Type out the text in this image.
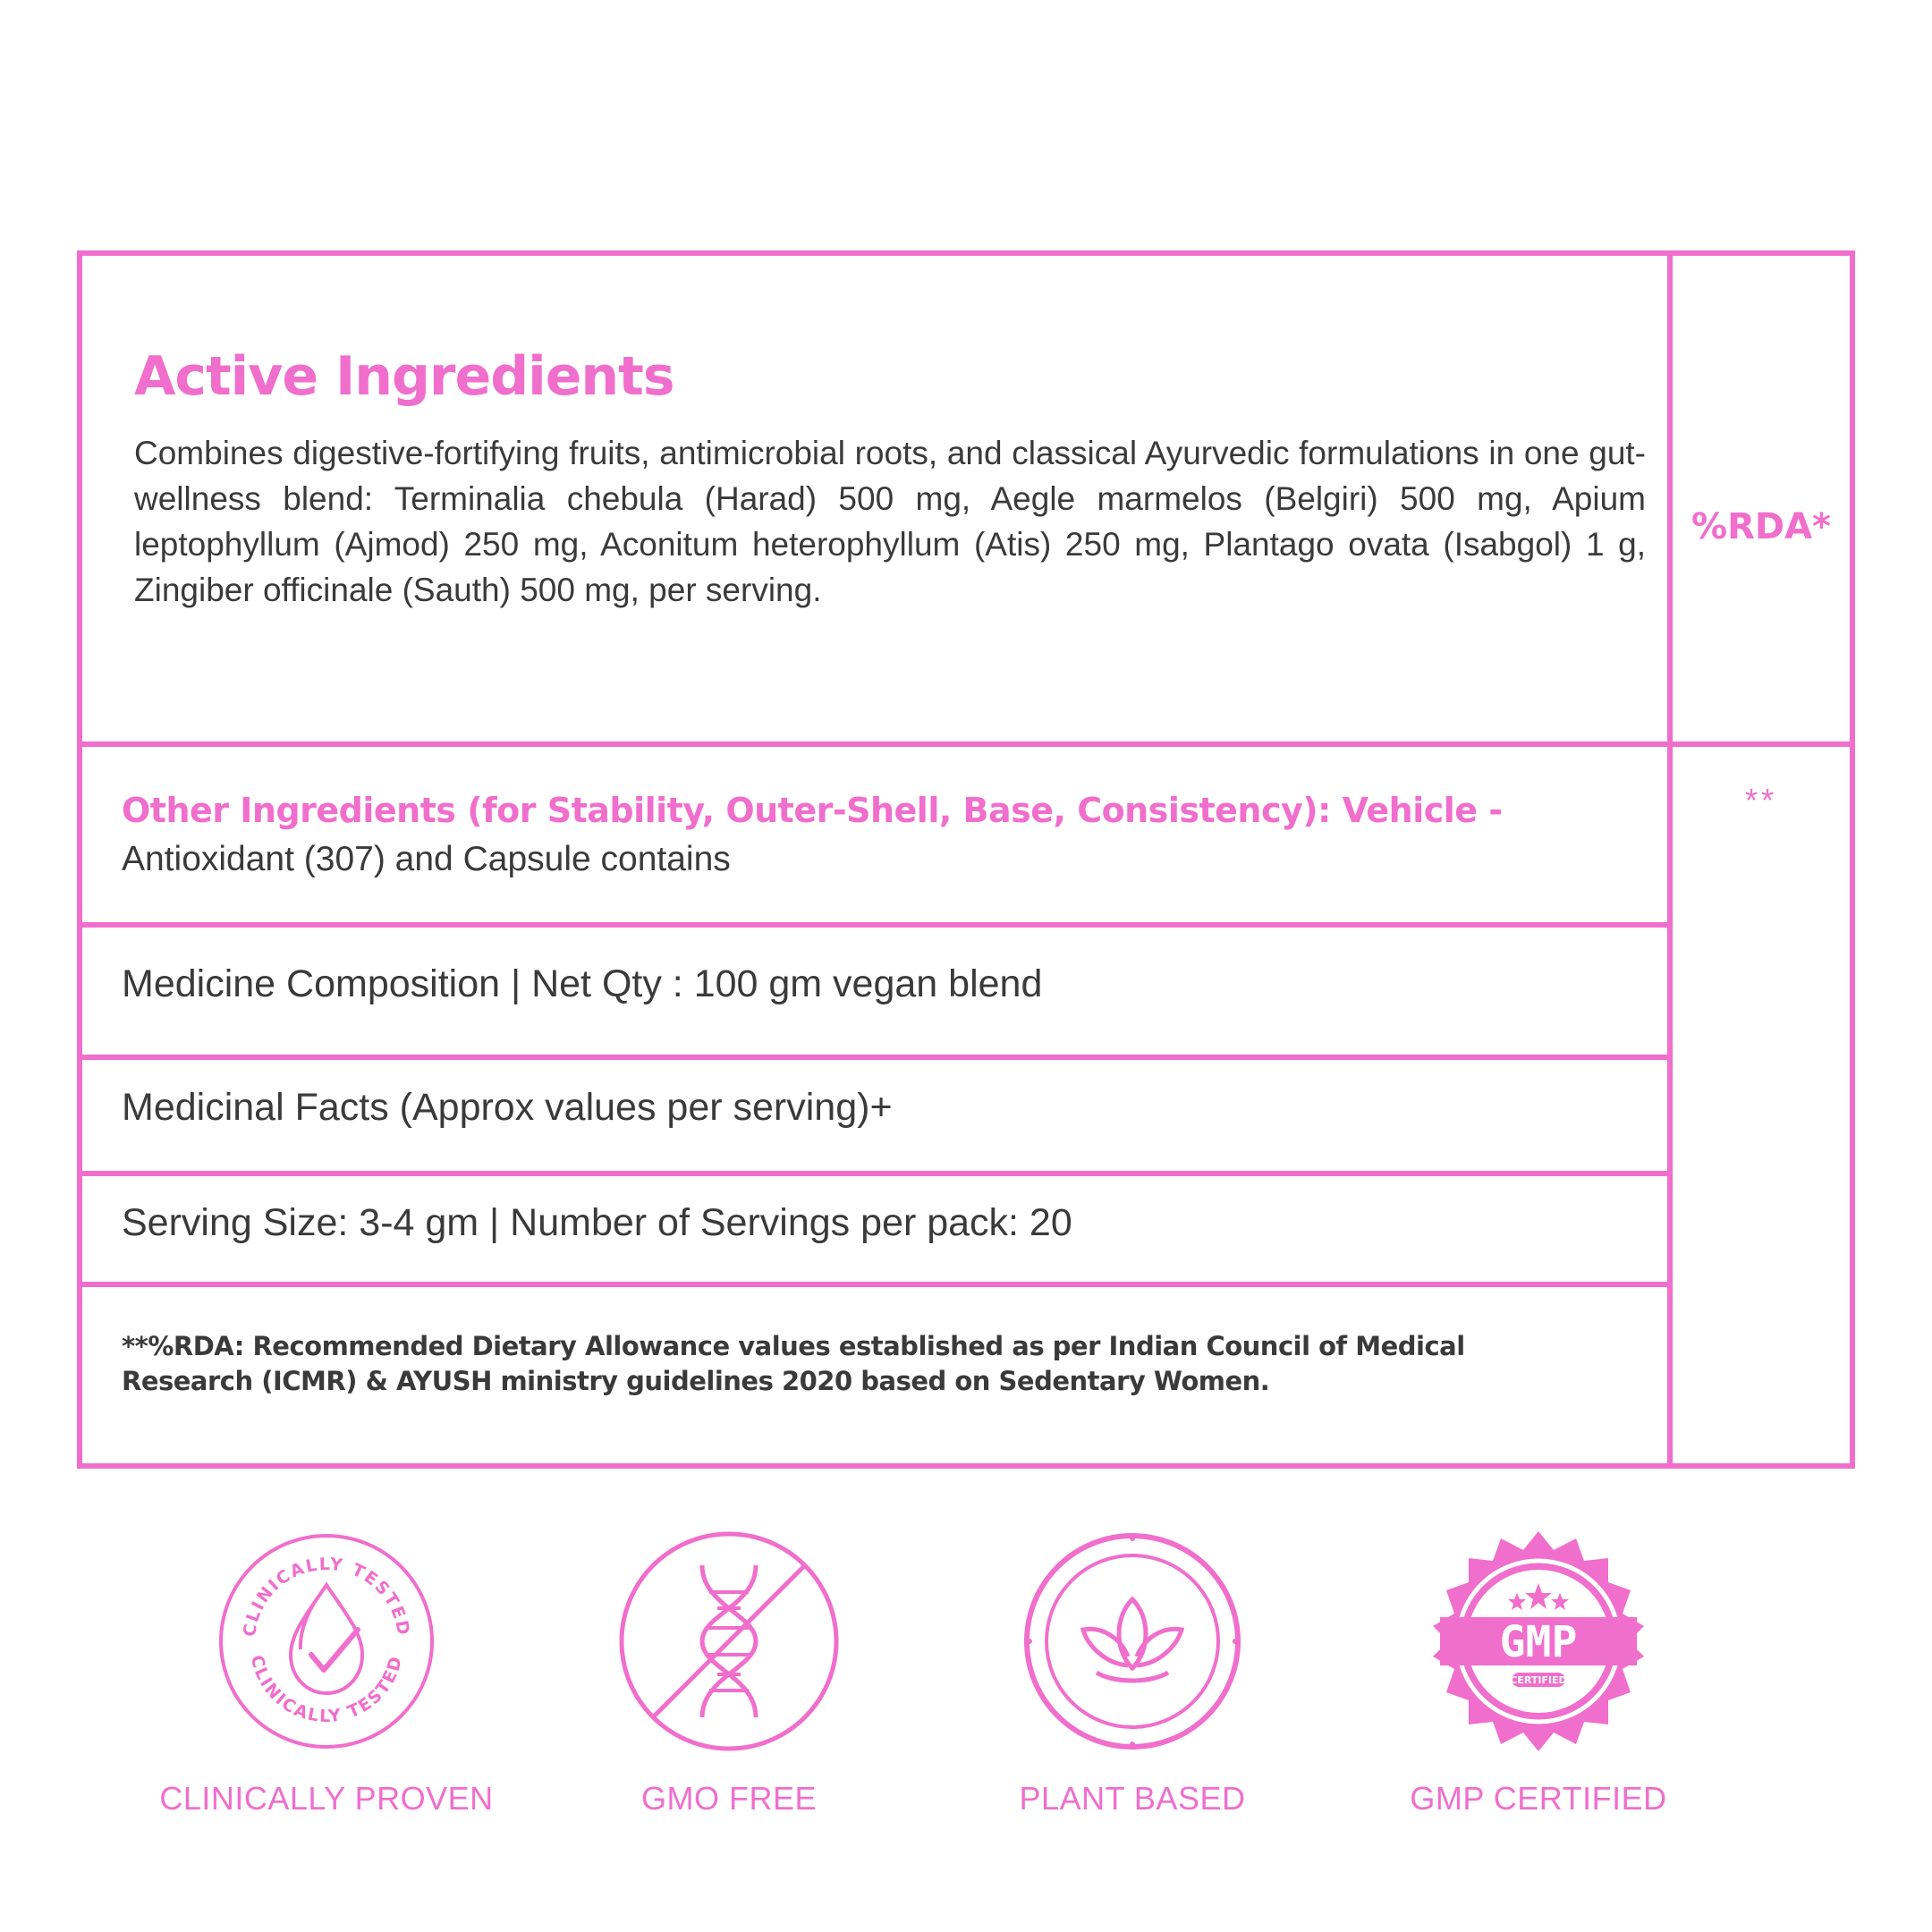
Active Ingredients
Combines digestive-fortifying fruits, antimicrobial roots, and classical Ayurvedic formulations in one gut-wellness blend: Terminalia chebula (Harad) 500 mg, Aegle marmelos (Belgiri) 500 mg, Apium leptophyllum (Ajmod) 250 mg, Aconitum heterophyllum (Atis) 250 mg, Plantago ovata (Isabgol) 1 g, Zingiber officinale (Sauth) 500 mg, per serving.
%RDA*
**
Other Ingredients (for Stability, Outer-Shell, Base, Consistency): Vehicle -
Antioxidant (307) and Capsule contains
Medicine Composition | Net Qty : 100 gm vegan blend
Medicinal Facts (Approx values per serving)+
Serving Size: 3-4 gm | Number of Servings per pack: 20
**%RDA: Recommended Dietary Allowance values established as per Indian Council of Medical Research (ICMR) & AYUSH ministry guidelines 2020 based on Sedentary Women.
CLINICALLY TESTED
CLINICALLY TESTED
CLINICALLY PROVEN	GMO FREE	PLANT BASED
GMP
CERTIFIED
GMP CERTIFIED
